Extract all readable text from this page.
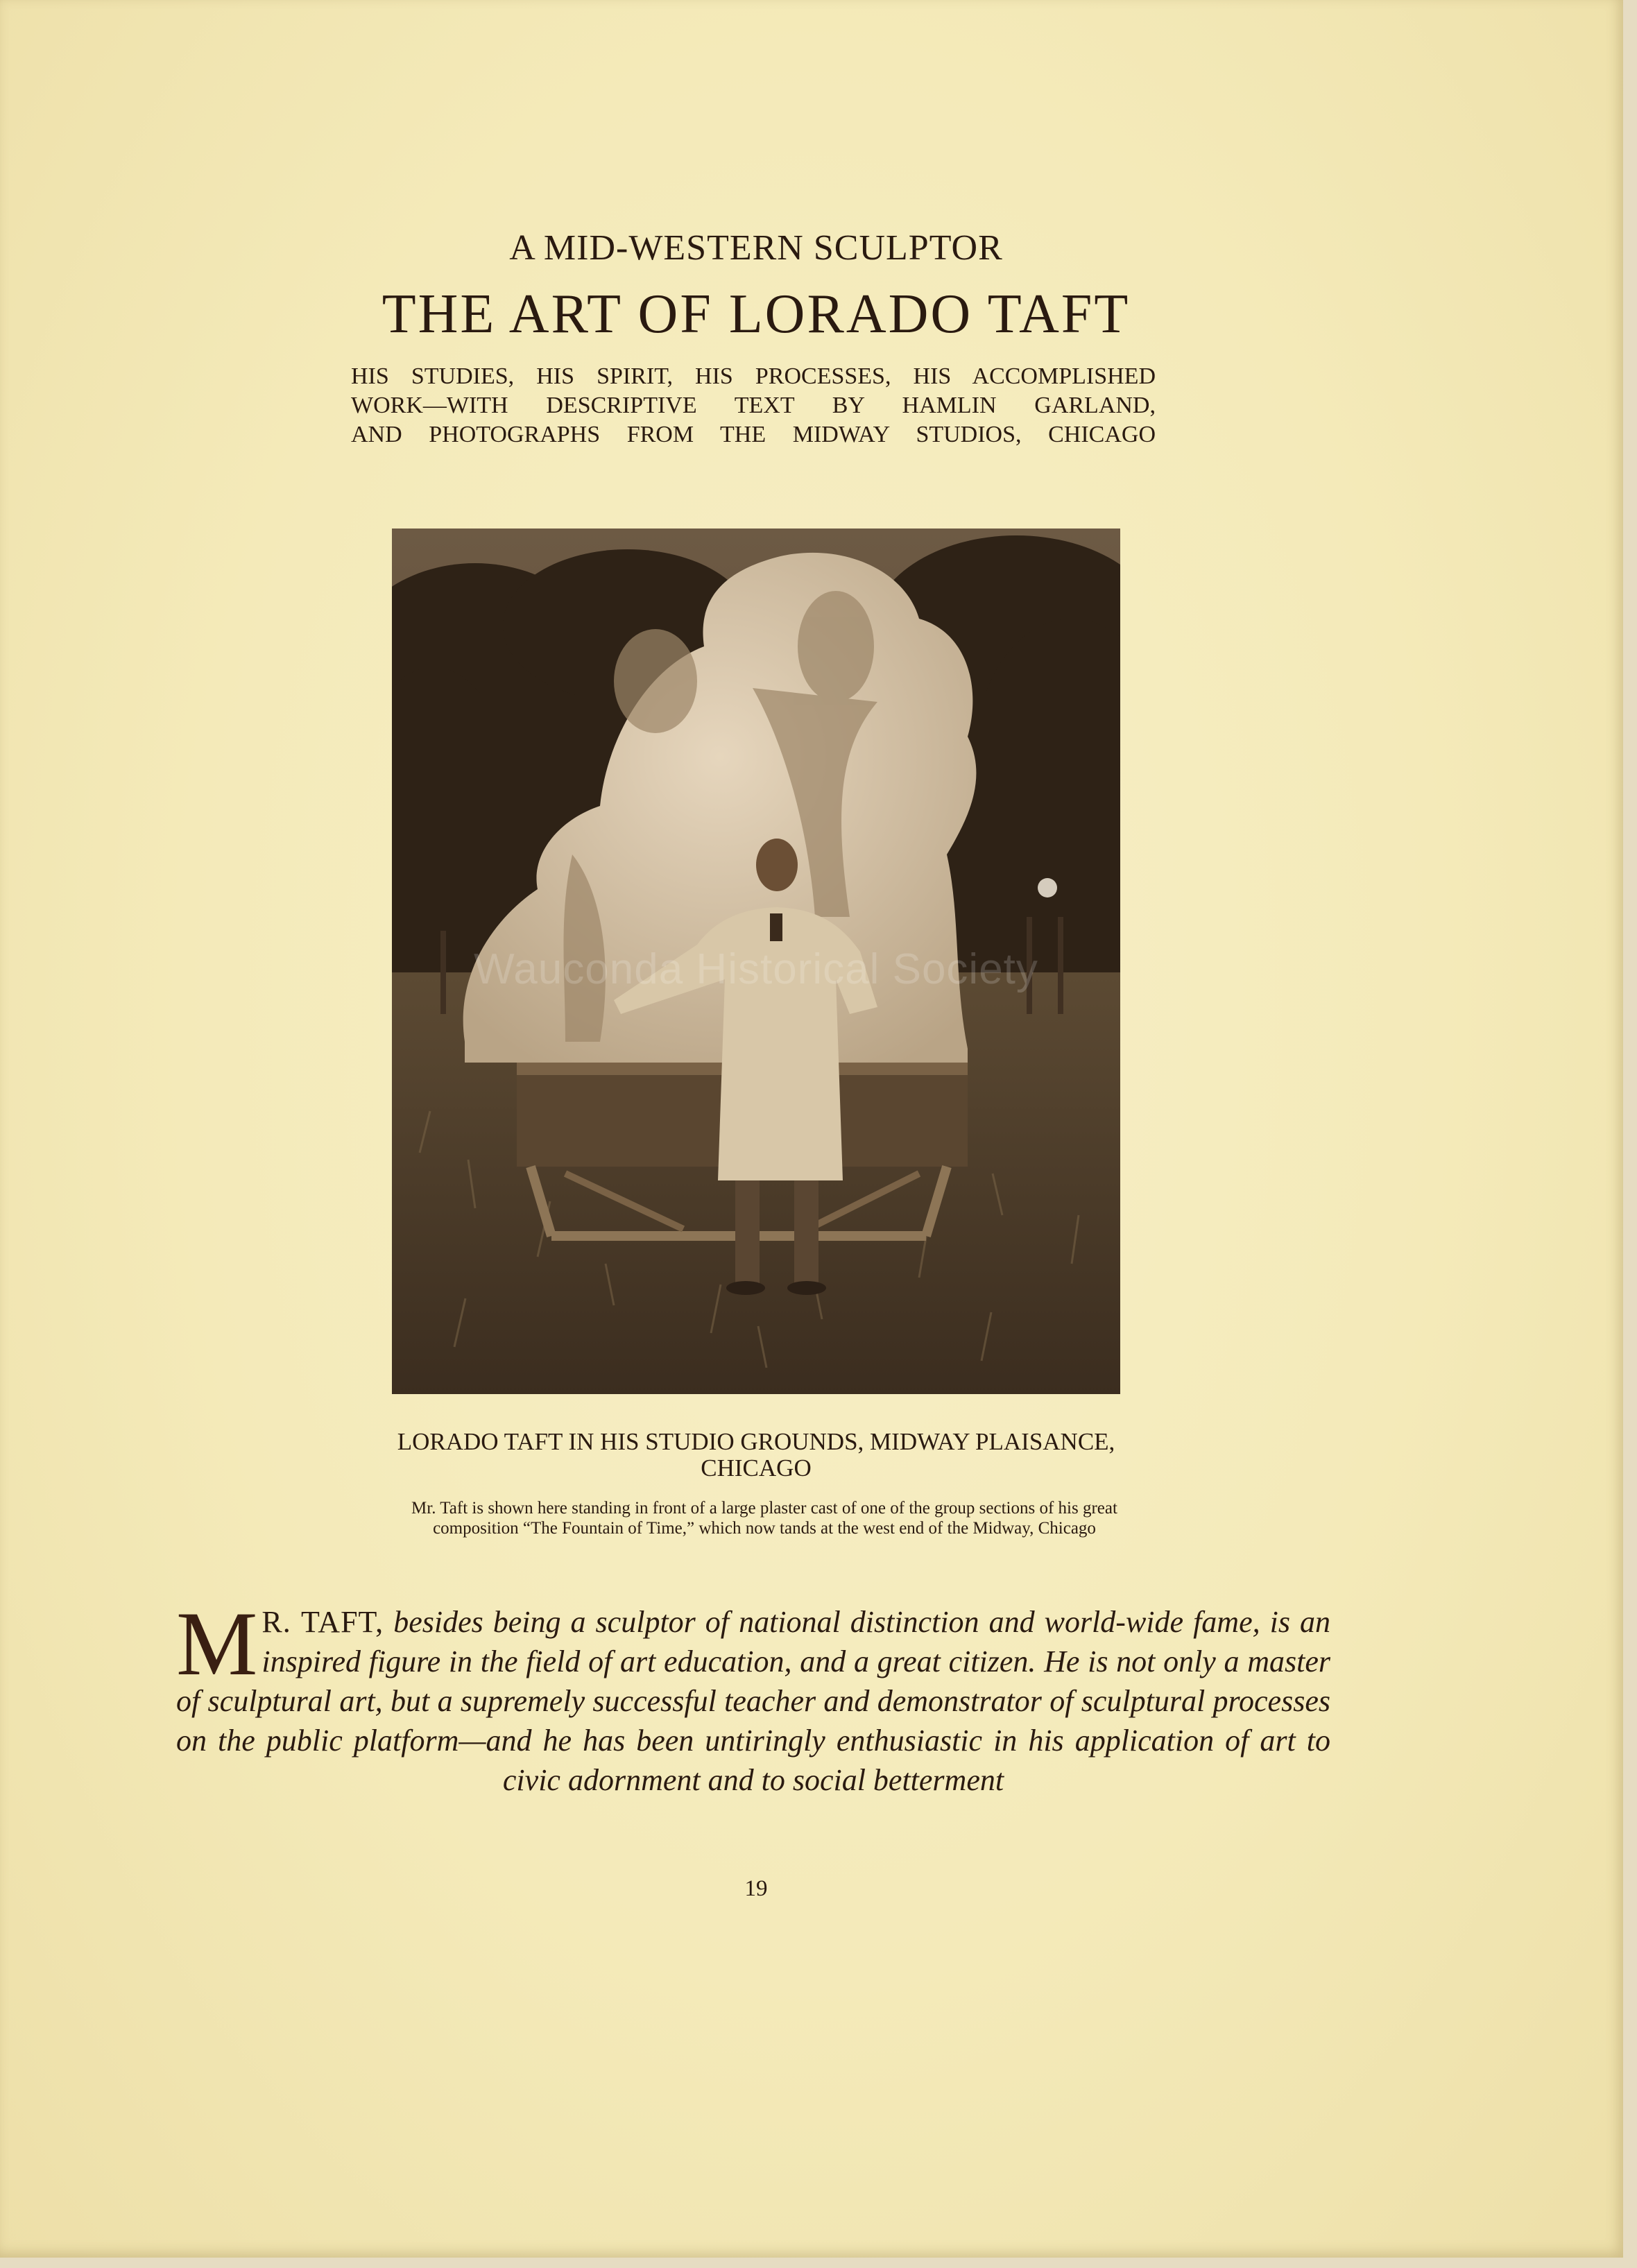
A MID-WESTERN SCULPTOR
THE ART OF LORADO TAFT
HIS STUDIES, HIS SPIRIT, HIS PROCESSES, HIS ACCOMPLISHED
WORK—WITH DESCRIPTIVE TEXT BY HAMLIN GARLAND,
AND PHOTOGRAPHS FROM THE MIDWAY STUDIOS, CHICAGO
Wauconda Historical Society
LORADO TAFT IN HIS STUDIO GROUNDS, MIDWAY PLAISANCE, CHICAGO
Mr. Taft is shown here standing in front of a large plaster cast of one of the group sections of his great composition “The Fountain of Time,” which now tands at the west end of the Midway, Chicago
M R. TAFT, besides being a sculptor of national distinction and world-wide fame, is an inspired figure in the field of art education, and a great citizen. He is not only a master of sculptural art, but a supremely successful teacher and demonstrator of sculptural processes on the public platform—and he has been untiringly enthusiastic in his application of art to civic adornment and to social betterment
19
